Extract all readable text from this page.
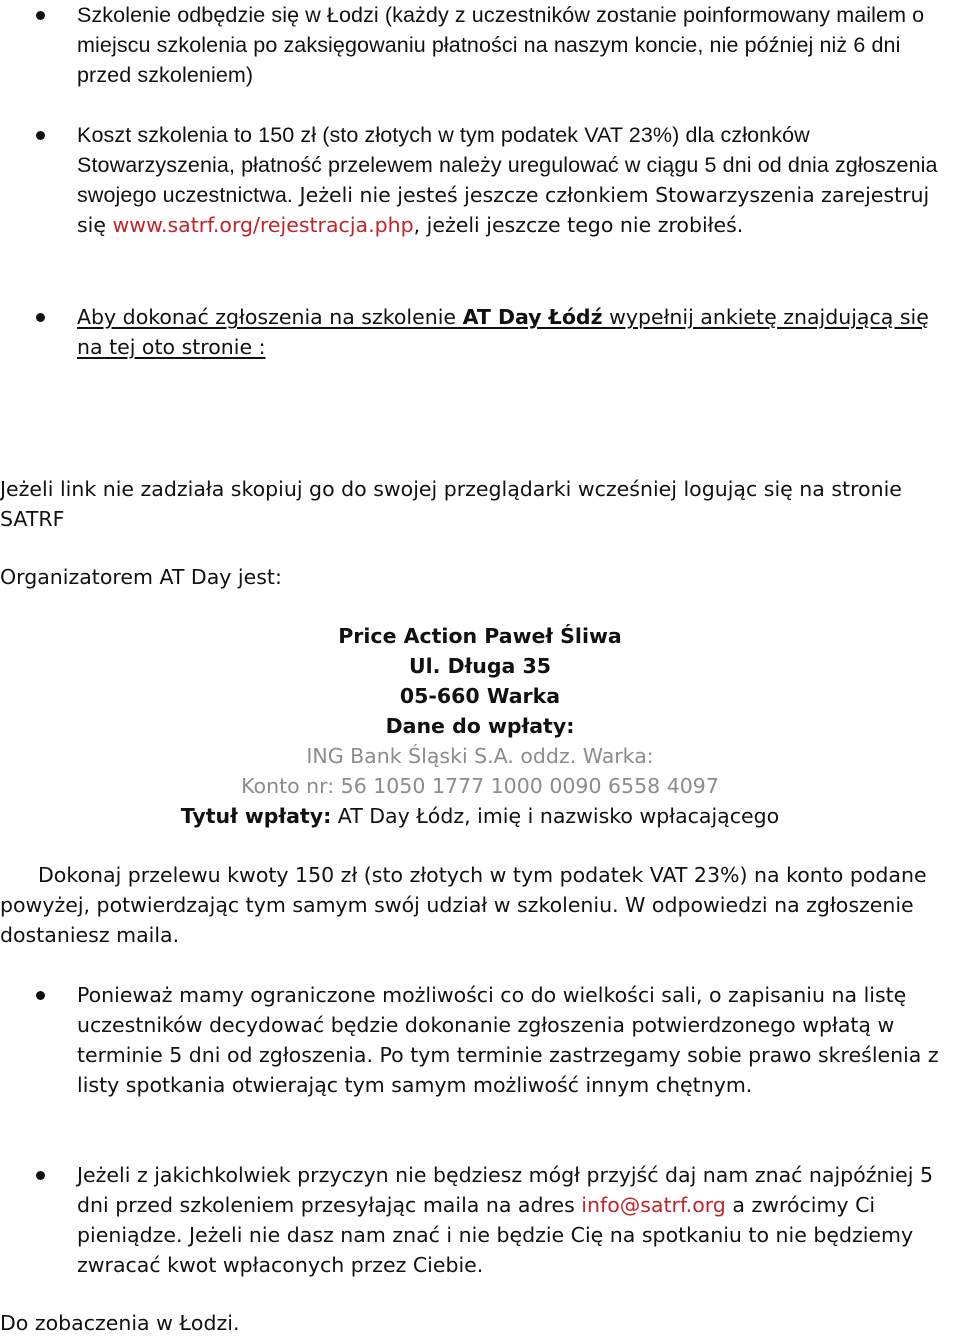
Szkolenie odbędzie się w Łodzi (każdy z uczestników zostanie poinformowany mailem o miejscu szkolenia po zaksięgowaniu płatności na naszym koncie, nie później niż 6 dni przed szkoleniem)
Koszt szkolenia to 150 zł (sto złotych w tym podatek VAT 23%) dla członków Stowarzyszenia, płatność przelewem należy uregulować w ciągu 5 dni od dnia zgłoszenia swojego uczestnictwa. Jeżeli nie jesteś jeszcze członkiem Stowarzyszenia zarejestruj się www.satrf.org/rejestracja.php, jeżeli jeszcze tego nie zrobiłeś.
Aby dokonać zgłoszenia na szkolenie AT Day Łódź wypełnij ankietę znajdującą się na tej oto stronie :
Jeżeli link nie zadziała skopiuj go do swojej przeglądarki wcześniej logując się na stronie SATRF
Organizatorem AT Day jest:
Price Action Paweł Śliwa
Ul. Długa 35
05-660 Warka
Dane do wpłaty:
ING Bank Śląski S.A. oddz. Warka:
Konto nr: 56 1050 1777 1000 0090 6558 4097
Tytuł wpłaty: AT Day Łódz, imię i nazwisko wpłacającego
Dokonaj przelewu kwoty 150 zł (sto złotych w tym podatek VAT 23%) na konto podane powyżej, potwierdzając tym samym swój udział w szkoleniu. W odpowiedzi na zgłoszenie dostaniesz maila.
Ponieważ mamy ograniczone możliwości co do wielkości sali, o zapisaniu na listę uczestników decydować będzie dokonanie zgłoszenia potwierdzonego wpłatą w terminie 5 dni od zgłoszenia. Po tym terminie zastrzegamy sobie prawo skreślenia z listy spotkania otwierając tym samym możliwość innym chętnym.
Jeżeli z jakichkolwiek przyczyn nie będziesz mógł przyjść daj nam znać najpóźniej 5 dni przed szkoleniem przesyłając maila na adres info@satrf.org a zwrócimy Ci pieniądze. Jeżeli nie dasz nam znać i nie będzie Cię na spotkaniu to nie będziemy zwracać kwot wpłaconych przez Ciebie.
Do zobaczenia w Łodzi.
